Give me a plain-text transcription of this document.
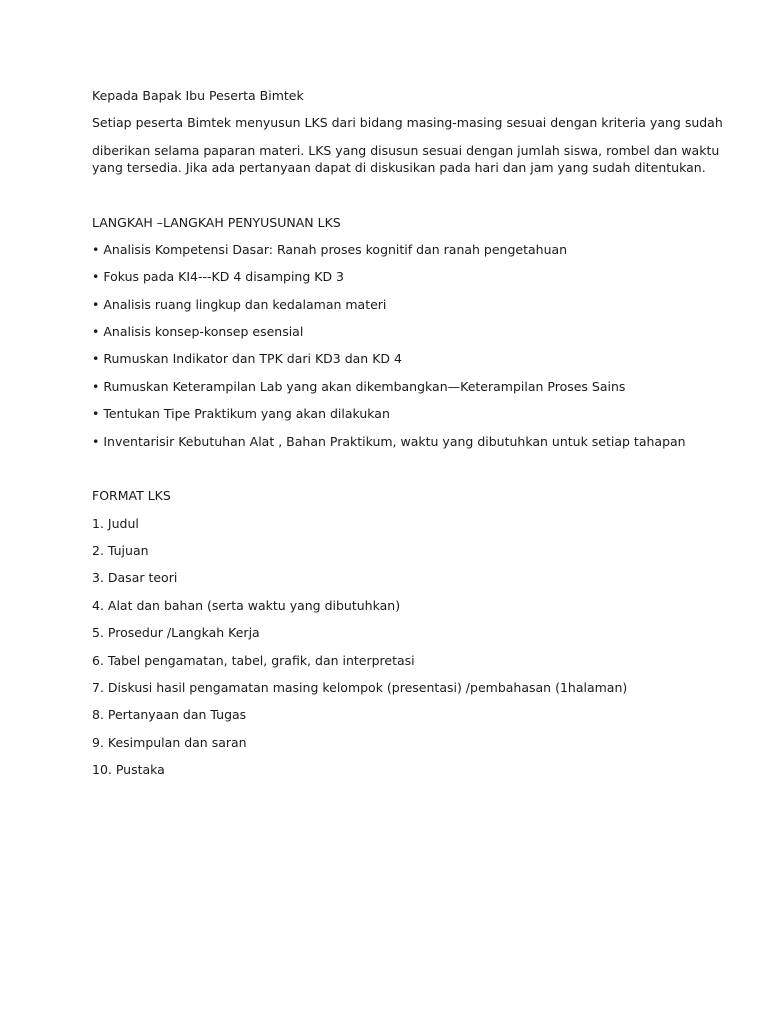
Kepada Bapak Ibu Peserta Bimtek
Setiap peserta Bimtek menyusun LKS dari bidang masing-masing sesuai dengan kriteria yang sudah
diberikan selama paparan materi. LKS yang disusun sesuai dengan jumlah siswa, rombel dan waktu
yang tersedia. Jika ada pertanyaan dapat di diskusikan pada hari dan jam yang sudah ditentukan.
LANGKAH –LANGKAH PENYUSUNAN LKS
• Analisis Kompetensi Dasar: Ranah proses kognitif dan ranah pengetahuan
• Fokus pada KI4---KD 4 disamping KD 3
• Analisis ruang lingkup dan kedalaman materi
• Analisis konsep-konsep esensial
• Rumuskan Indikator dan TPK dari KD3 dan KD 4
• Rumuskan Keterampilan Lab yang akan dikembangkan—Keterampilan Proses Sains
• Tentukan Tipe Praktikum yang akan dilakukan
• Inventarisir Kebutuhan Alat , Bahan Praktikum, waktu yang dibutuhkan untuk setiap tahapan
FORMAT LKS
1. Judul
2. Tujuan
3. Dasar teori
4. Alat dan bahan (serta waktu yang dibutuhkan)
5. Prosedur /Langkah Kerja
6. Tabel pengamatan, tabel, grafik, dan interpretasi
7. Diskusi hasil pengamatan masing kelompok (presentasi) /pembahasan (1halaman)
8. Pertanyaan dan Tugas
9. Kesimpulan dan saran
10. Pustaka
